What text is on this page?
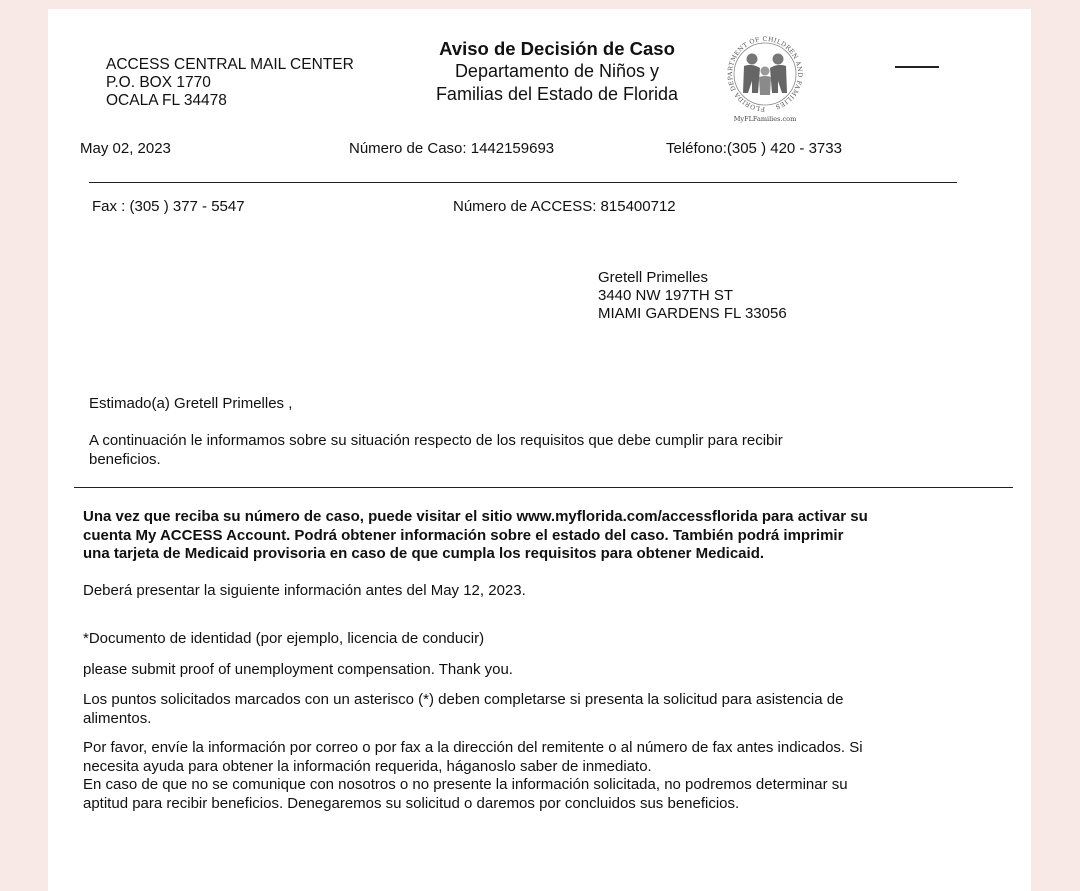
ACCESS CENTRAL MAIL CENTER
P.O. BOX 1770
OCALA FL 34478
Aviso de Decisión de Caso
Departamento de Niños y
Familias del Estado de Florida
FLORIDA DEPARTMENT OF CHILDREN AND FAMILIES
MyFLFamilies.com
May 02, 2023	Número de Caso: 1442159693	Teléfono:(305 ) 420 - 3733
Fax : (305 ) 377 - 5547	Número de ACCESS: 815400712
Gretell Primelles
3440 NW 197TH ST
MIAMI GARDENS FL 33056
Estimado(a) Gretell Primelles ,
A continuación le informamos sobre su situación respecto de los requisitos que debe cumplir para recibir
beneficios.
Una vez que reciba su número de caso, puede visitar el sitio www.myflorida.com/accessflorida para activar su
cuenta My ACCESS Account. Podrá obtener información sobre el estado del caso. También podrá imprimir
una tarjeta de Medicaid provisoria en caso de que cumpla los requisitos para obtener Medicaid.
Deberá presentar la siguiente información antes del May 12, 2023.
*Documento de identidad (por ejemplo, licencia de conducir)
please submit proof of unemployment compensation. Thank you.
Los puntos solicitados marcados con un asterisco (*) deben completarse si presenta la solicitud para asistencia de
alimentos.
Por favor, envíe la información por correo o por fax a la dirección del remitente o al número de fax antes indicados. Si
necesita ayuda para obtener la información requerida, háganoslo saber de inmediato.
En caso de que no se comunique con nosotros o no presente la información solicitada, no podremos determinar su
aptitud para recibir beneficios. Denegaremos su solicitud o daremos por concluidos sus beneficios.
